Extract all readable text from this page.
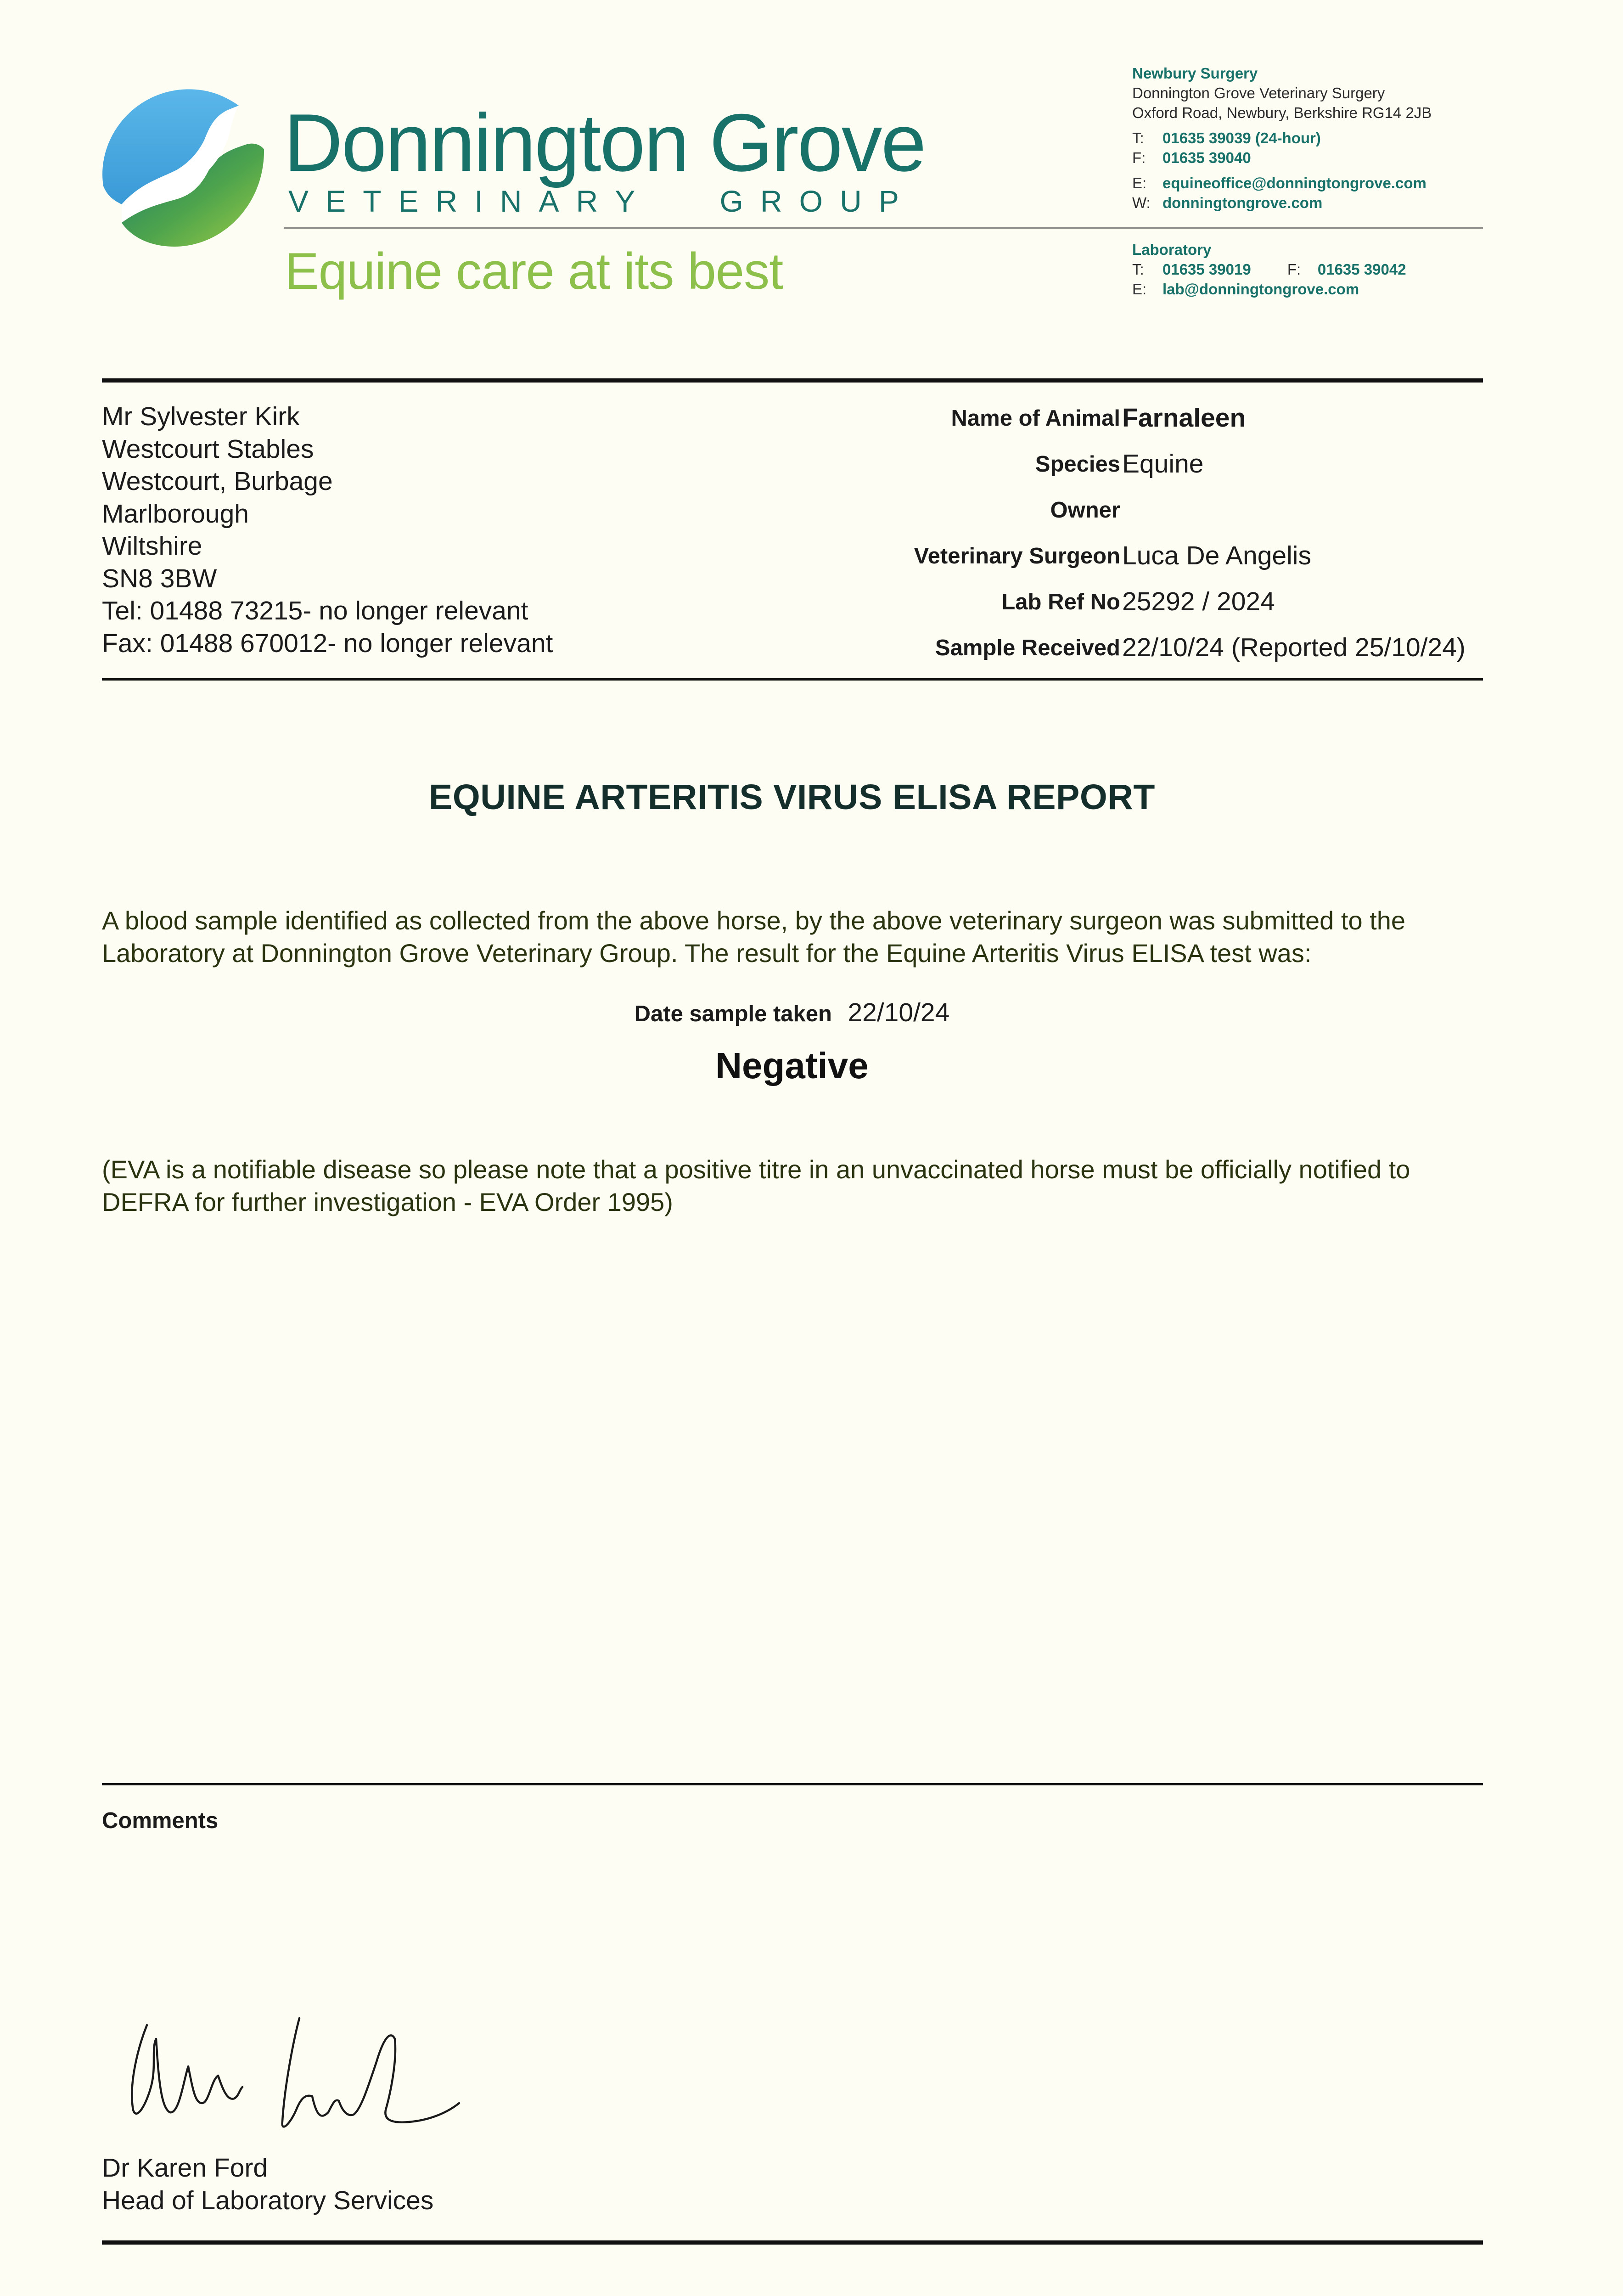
Donnington Grove
V E T E R I N A R Y	G R O U P
Equine care at its best
Newbury Surgery
Donnington Grove Veterinary Surgery
Oxford Road, Newbury, Berkshire RG14 2JB
T: 01635 39039 (24-hour)
F: 01635 39040
E: equineoffice@donningtongrove.com
W: donningtongrove.com
Laboratory
T: 01635 39019 F: 01635 39042
E: lab@donningtongrove.com
Mr Sylvester Kirk
Westcourt Stables
Westcourt, Burbage
Marlborough
Wiltshire
SN8 3BW
Tel: 01488 73215- no longer relevant
Fax: 01488 670012- no longer relevant
Name of Animal Farnaleen
Species Equine
Owner
Veterinary Surgeon Luca De Angelis
Lab Ref No 25292 / 2024
Sample Received 22/10/24 (Reported 25/10/24)
EQUINE ARTERITIS VIRUS ELISA REPORT
A blood sample identified as collected from the above horse, by the above veterinary surgeon was submitted to the Laboratory at Donnington Grove Veterinary Group. The result for the Equine Arteritis Virus ELISA test was:
Date sample taken 22/10/24
Negative
(EVA is a notifiable disease so please note that a positive titre in an unvaccinated horse must be officially notified to DEFRA for further investigation - EVA Order 1995)
Comments
Dr Karen Ford
Head of Laboratory Services
